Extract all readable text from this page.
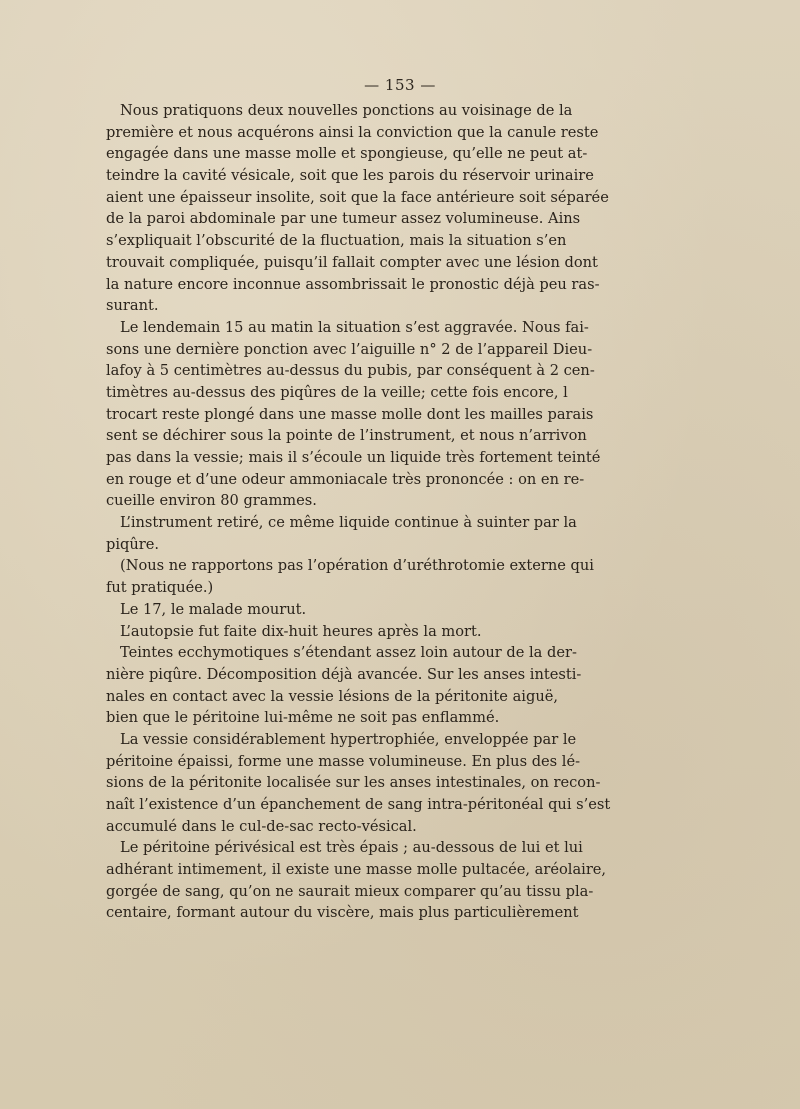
— 153 —
Nous pratiquons deux nouvelles ponctions au voisinage de la
première et nous acquérons ainsi la conviction que la canule reste
engagée dans une masse molle et spongieuse, qu’elle ne peut at-
teindre la cavité vésicale, soit que les parois du réservoir urinaire
aient une épaisseur insolite, soit que la face antérieure soit séparée
de la paroi abdominale par une tumeur assez volumineuse. Ains
s’expliquait l’obscurité de la fluctuation, mais la situation s’en
trouvait compliquée, puisqu’il fallait compter avec une lésion dont
la nature encore inconnue assombrissait le pronostic déjà peu ras-
surant.
Le lendemain 15 au matin la situation s’est aggravée. Nous fai-
sons une dernière ponction avec l’aiguille n° 2 de l’appareil Dieu-
lafoy à 5 centimètres au-dessus du pubis, par conséquent à 2 cen-
timètres au-dessus des piqûres de la veille; cette fois encore, l
trocart reste plongé dans une masse molle dont les mailles parais
sent se déchirer sous la pointe de l’instrument, et nous n’arrivon
pas dans la vessie; mais il s’écoule un liquide très fortement teinté
en rouge et d’une odeur ammoniacale très prononcée : on en re-
cueille environ 80 grammes.
L’instrument retiré, ce même liquide continue à suinter par la
piqûre.
(Nous ne rapportons pas l’opération d’uréthrotomie externe qui
fut pratiquée.)
Le 17, le malade mourut.
L’autopsie fut faite dix-huit heures après la mort.
Teintes ecchymotiques s’étendant assez loin autour de la der-
nière piqûre. Décomposition déjà avancée. Sur les anses intesti-
nales en contact avec la vessie lésions de la péritonite aiguë,
bien que le péritoine lui-même ne soit pas enflammé.
La vessie considérablement hypertrophiée, enveloppée par le
péritoine épaissi, forme une masse volumineuse. En plus des lé-
sions de la péritonite localisée sur les anses intestinales, on recon-
naît l’existence d’un épanchement de sang intra-péritonéal qui s’est
accumulé dans le cul-de-sac recto-vésical.
Le péritoine périvésical est très épais ; au-dessous de lui et lui
adhérant intimement, il existe une masse molle pultacée, aréolaire,
gorgée de sang, qu’on ne saurait mieux comparer qu’au tissu pla-
centaire, formant autour du viscère, mais plus particulièrement
